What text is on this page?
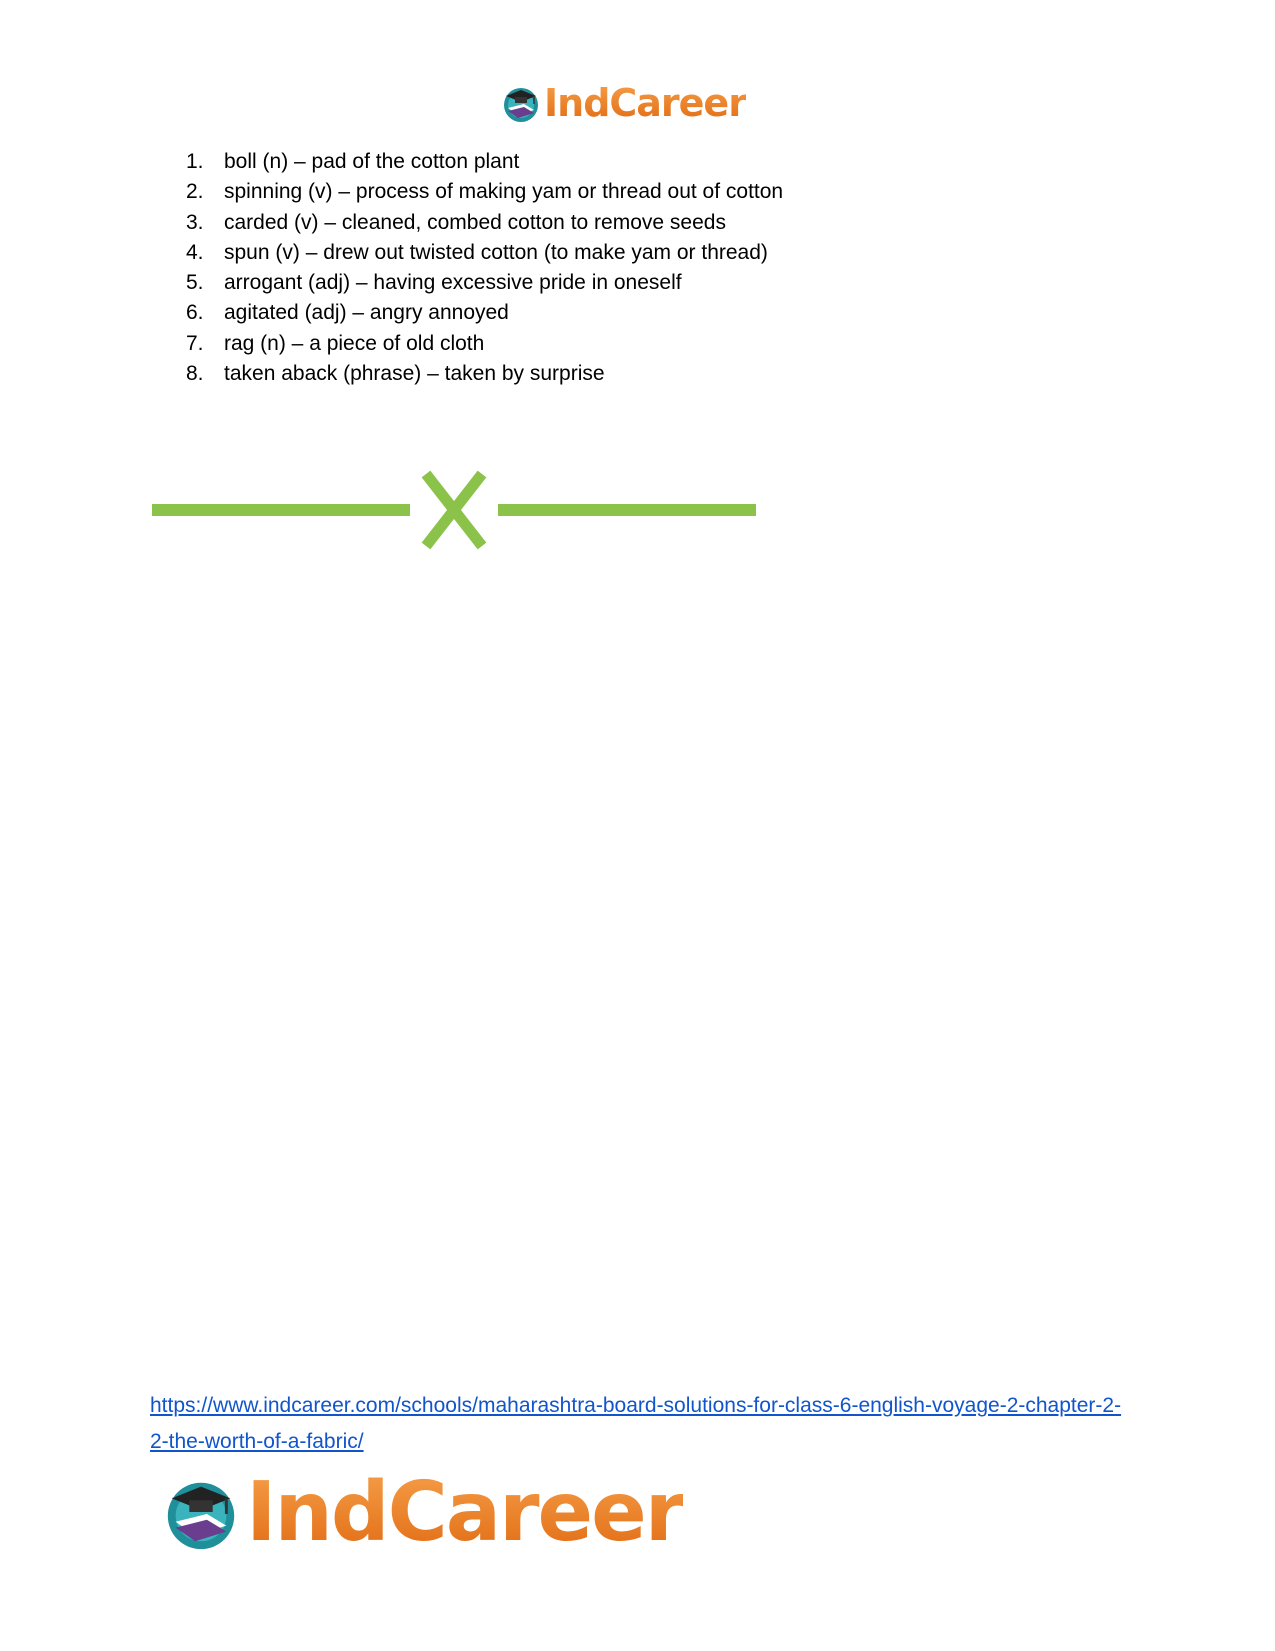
IndCareer
1. boll (n) – pad of the cotton plant
2. spinning (v) – process of making yam or thread out of cotton
3. carded (v) – cleaned, combed cotton to remove seeds
4. spun (v) – drew out twisted cotton (to make yam or thread)
5. arrogant (adj) – having excessive pride in oneself
6. agitated (adj) – angry annoyed
7. rag (n) – a piece of old cloth
8. taken aback (phrase) – taken by surprise
https://www.indcareer.com/schools/maharashtra-board-solutions-for-class-6-english-voyage-2-chapter-2-2-the-worth-of-a-fabric/
IndCareer
